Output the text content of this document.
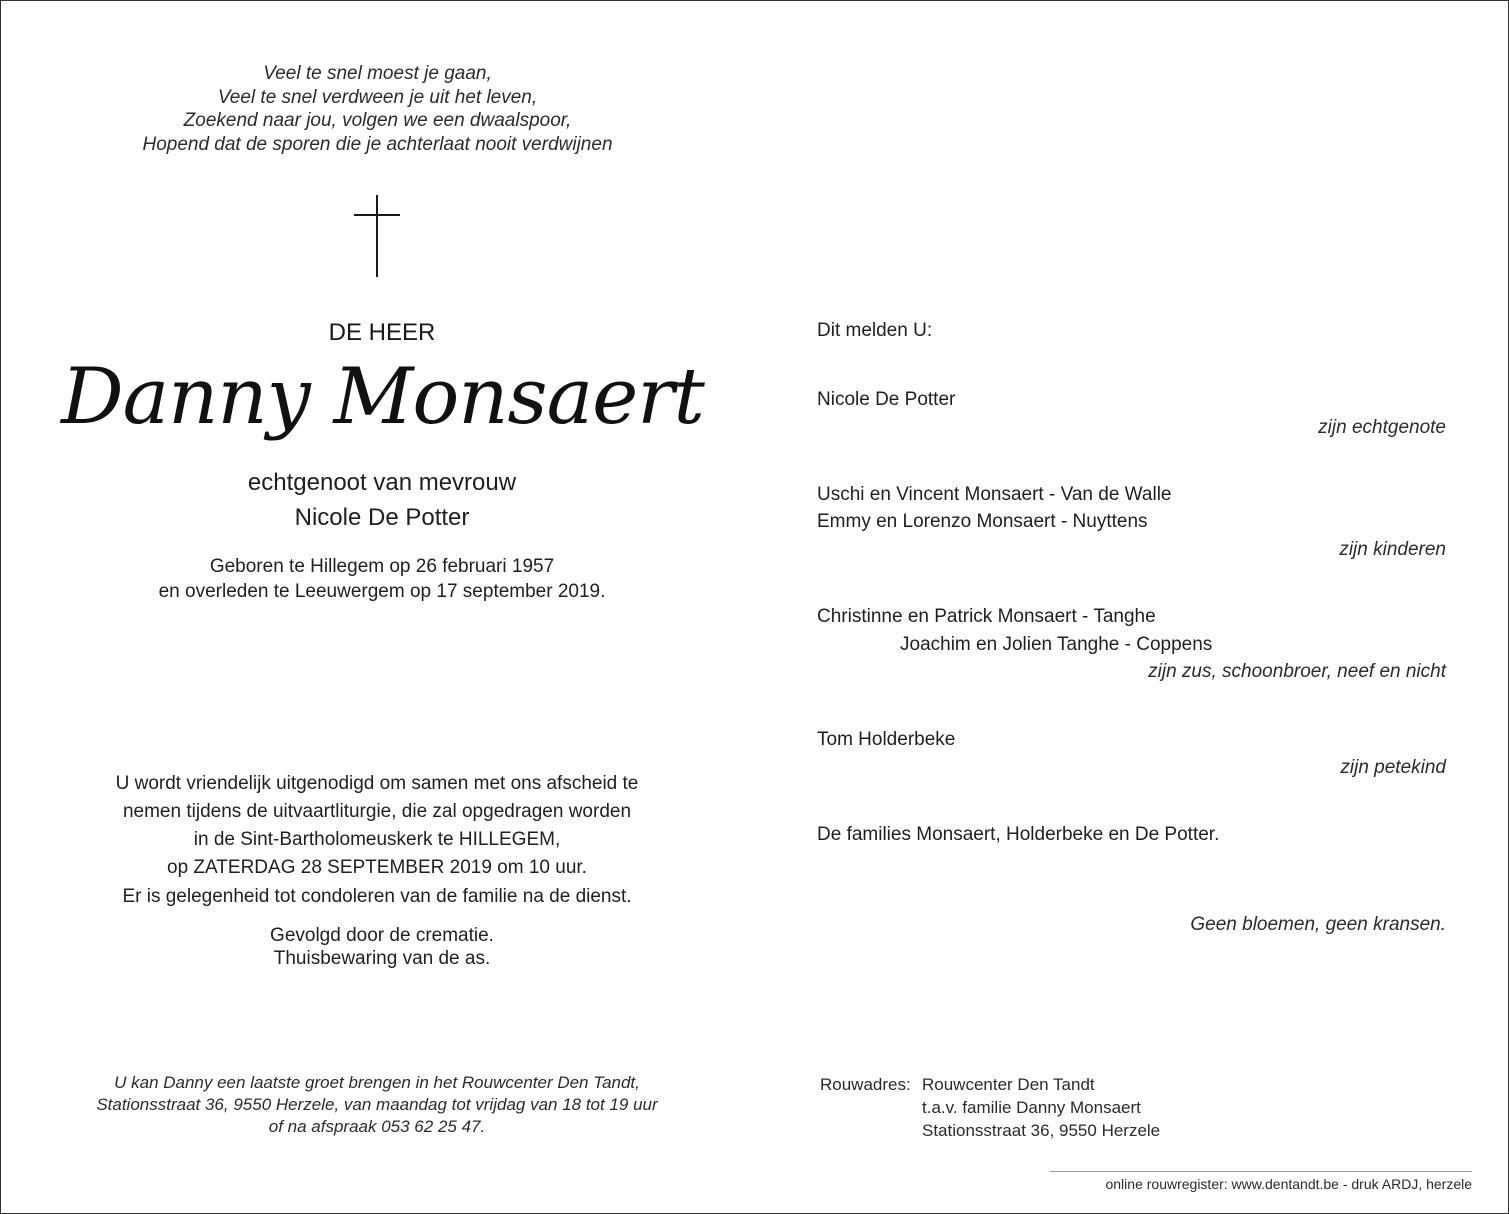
Veel te snel moest je gaan,
Veel te snel verdween je uit het leven,
Zoekend naar jou, volgen we een dwaalspoor,
Hopend dat de sporen die je achterlaat nooit verdwijnen
DE HEER
Danny Monsaert
echtgenoot van mevrouw
Nicole De Potter
Geboren te Hillegem op 26 februari 1957
en overleden te Leeuwergem op 17 september 2019.
U wordt vriendelijk uitgenodigd om samen met ons afscheid te
nemen tijdens de uitvaartliturgie, die zal opgedragen worden
in de Sint-Bartholomeuskerk te HILLEGEM,
op ZATERDAG 28 SEPTEMBER 2019 om 10 uur.
Er is gelegenheid tot condoleren van de familie na de dienst.
Gevolgd door de crematie.
Thuisbewaring van de as.
U kan Danny een laatste groet brengen in het Rouwcenter Den Tandt,
Stationsstraat 36, 9550 Herzele, van maandag tot vrijdag van 18 tot 19 uur
of na afspraak 053 62 25 47.
Dit melden U:
Nicole De Potter
zijn echtgenote
Uschi en Vincent Monsaert - Van de Walle
Emmy en Lorenzo Monsaert - Nuyttens
zijn kinderen
Christinne en Patrick Monsaert - Tanghe
Joachim en Jolien Tanghe - Coppens
zijn zus, schoonbroer, neef en nicht
Tom Holderbeke
zijn petekind
De families Monsaert, Holderbeke en De Potter.
Geen bloemen, geen kransen.
Rouwadres: Rouwcenter Den Tandt
t.a.v. familie Danny Monsaert
Stationsstraat 36, 9550 Herzele
online rouwregister: www.dentandt.be - druk ARDJ, herzele
